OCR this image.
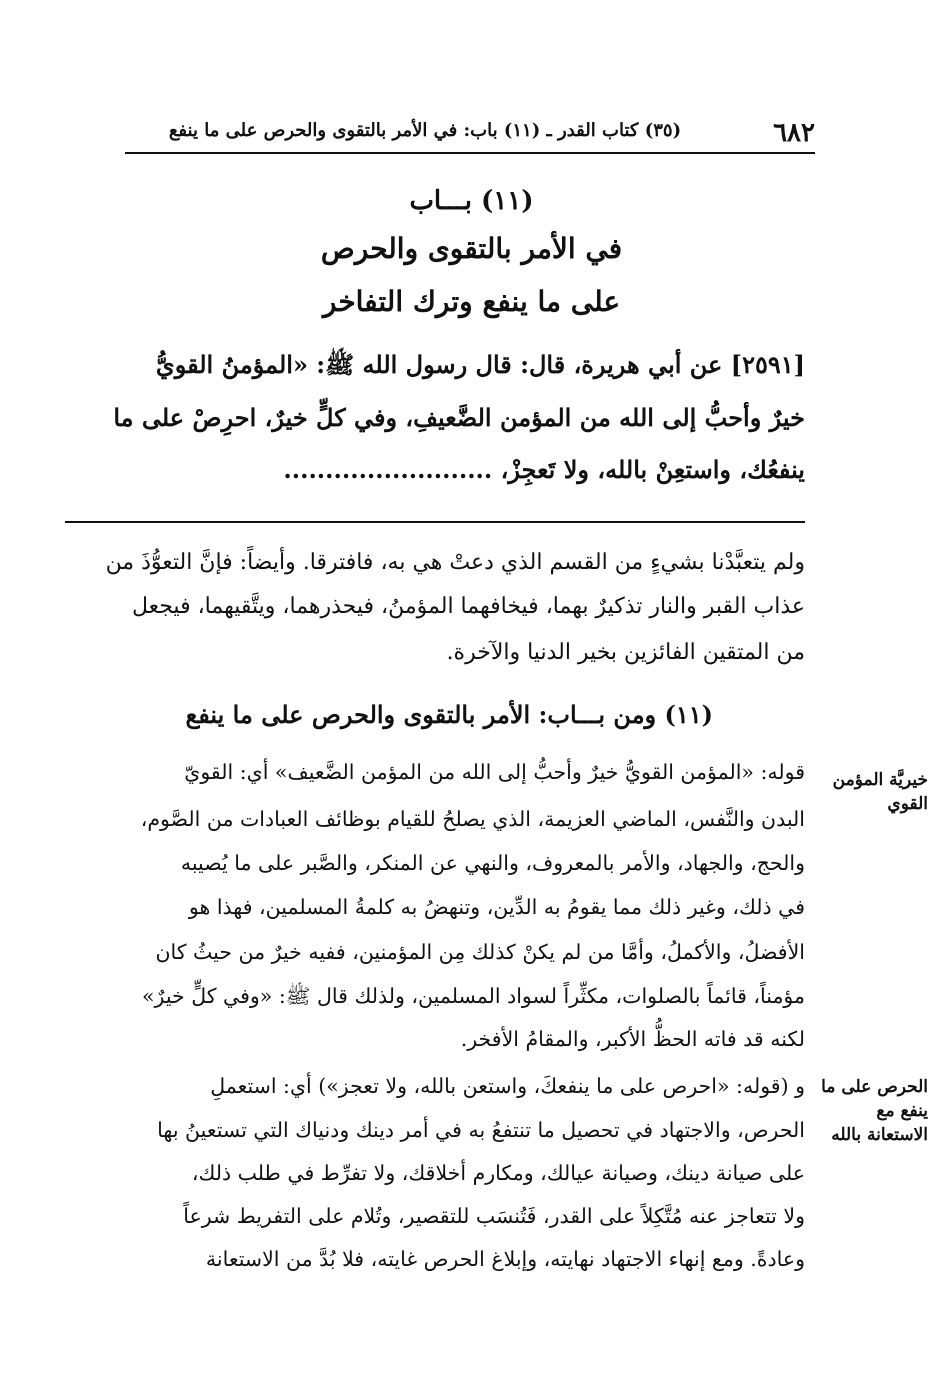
٦٨٢
(٣٥) كتاب القدر ـ (١١) باب: في الأمر بالتقوى والحرص على ما ينفع
(١١) بـــاب
في الأمر بالتقوى والحرص
على ما ينفع وترك التفاخر
[٢٥٩١] عن أبي هريرة، قال: قال رسول الله ﷺ: «المؤمنُ القويُّ
خيرٌ وأحبُّ إلى الله من المؤمن الضَّعيفِ، وفي كلٍّ خيرٌ، احرِصْ على ما
ينفعُك، واستعِنْ بالله، ولا تَعجِزْ، .........................
ولم يتعبَّدْنا بشيءٍ من القسم الذي دعتْ هي به، فافترقا. وأيضاً: فإنَّ التعوُّذَ من
عذاب القبر والنار تذكيرٌ بهما، فيخافهما المؤمنُ، فيحذرهما، ويتَّقيهما، فيجعل
من المتقين الفائزين بخير الدنيا والآخرة.
(١١) ومن بـــاب: الأمر بالتقوى والحرص على ما ينفع
قوله: «المؤمن القويُّ خيرٌ وأحبُّ إلى الله من المؤمن الضَّعيف» أي: القويّ
البدن والنَّفس، الماضي العزيمة، الذي يصلحُ للقيام بوظائف العبادات من الصَّوم،
والحج، والجهاد، والأمر بالمعروف، والنهي عن المنكر، والصَّبر على ما يُصيبه
في ذلك، وغير ذلك مما يقومُ به الدِّين، وتنهضُ به كلمةُ المسلمين، فهذا هو
الأفضلُ، والأكملُ، وأمَّا من لم يكنْ كذلك مِن المؤمنين، ففيه خيرٌ من حيثُ كان
مؤمناً، قائماً بالصلوات، مكثِّراً لسواد المسلمين، ولذلك قال ﷺ: «وفي كلٍّ خيرٌ»
لكنه قد فاته الحظُّ الأكبر، والمقامُ الأفخر.
و (قوله: «احرص على ما ينفعكَ، واستعن بالله، ولا تعجز») أي: استعملِ
الحرص، والاجتهاد في تحصيل ما تنتفعُ به في أمر دينك ودنياك التي تستعينُ بها
على صيانة دينك، وصيانة عيالك، ومكارم أخلاقك، ولا تفرِّط في طلب ذلك،
ولا تتعاجز عنه مُتَّكِلاً على القدر، فَتُنسَب للتقصير، وتُلام على التفريط شرعاً
وعادةً. ومع إنهاء الاجتهاد نهايته، وإبلاغ الحرص غايته، فلا بُدَّ من الاستعانة
خيريَّة المؤمن القوي
الحرص على ما ينفع مع الاستعانة بالله
